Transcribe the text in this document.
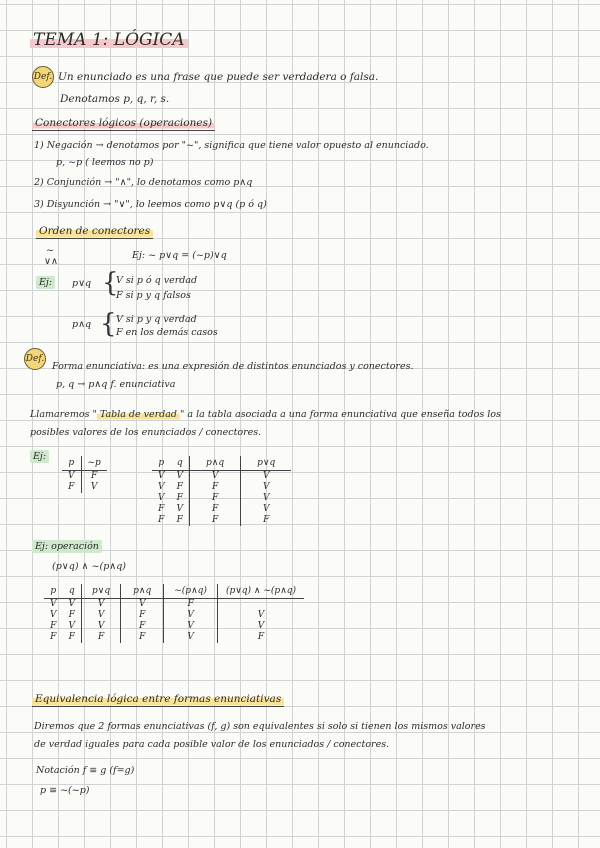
TEMA 1: LÓGICA
Def. Un enunciado es una frase que puede ser verdadera o falsa.
Denotamos p, q, r, s.
Conectores lógicos (operaciones)
1) Negación → denotamos por "~", significa que tiene valor opuesto al enunciado.
p, ~p ( leemos no p)
2) Conjunción → "∧", lo denotamos como p∧q
3) Disyunción → "∨", lo leemos como p∨q (p ó q)
Orden de conectores
~
∨∧
Ej: ~ p∨q = (~p)∨q
Ej:	p∨q {
V si p ó q verdad
F si p y q falsos
p∧q { V si p y q verdad
F en los demás casos
Def.
Forma enunciativa: es una expresión de distintos enunciados y conectores.
p, q → p∧q f. enunciativa
Llamaremos " Tabla de verdad " a la tabla asociada a una forma enunciativa que enseña todos los
posibles valores de los enunciados / conectores.
Ej:
p	~p
V	F
F	V
p	q	p∧q	p∨q
V	V	V	V
V	F	F	V
V	F	F	V
F	V	F	V
F	F	F	F
Ej: operación
(p∨q) ∧ ~(p∧q)
p	q	p∨q	p∧q	~(p∧q)	(p∨q) ∧ ~(p∧q)
V	V	V	V	F	
V	F	V	F	V	V
F	V	V	F	V	V
F	F	F	F	V	F
Equivalencia lógica entre formas enunciativas
Diremos que 2 formas enunciativas (f, g) son equivalentes si solo si tienen los mismos valores
de verdad iguales para cada posible valor de los enunciados / conectores.
Notación f ≡ g (f=g)
p ≡ ~(~p)
